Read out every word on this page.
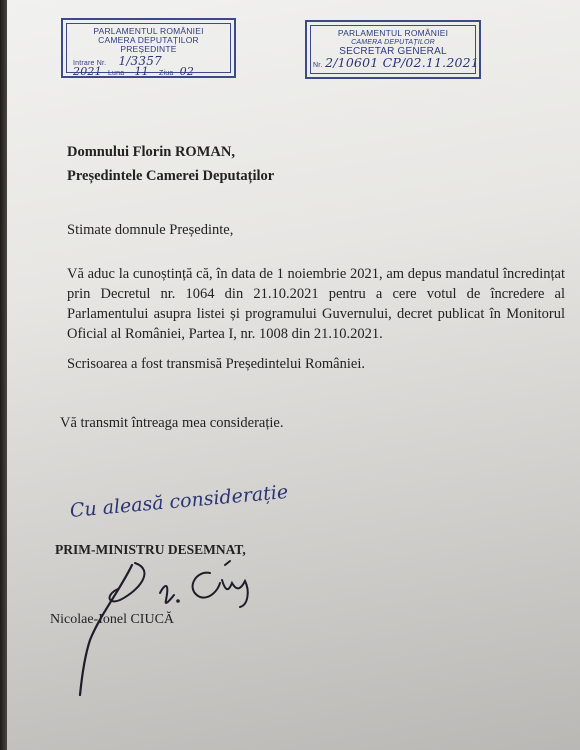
PARLAMENTUL ROMÂNIEI
CAMERA DEPUTAȚILOR
PREȘEDINTE
Intrare Nr. 1/3357
2021 Luna 11 Ziua 02
PARLAMENTUL ROMÂNIEI
CAMERA DEPUTAȚILOR
SECRETAR GENERAL
Nr. 2/10601 CP/02.11.2021
Domnului Florin ROMAN,
Președintele Camerei Deputaților
Stimate domnule Președinte,
Vă aduc la cunoștință că, în data de 1 noiembrie 2021, am depus mandatul încredințat prin Decretul nr. 1064 din 21.10.2021 pentru a cere votul de încredere al Parlamentului asupra listei și programului Guvernului, decret publicat în Monitorul Oficial al României, Partea I, nr. 1008 din 21.10.2021.
Scrisoarea a fost transmisă Președintelui României.
Vă transmit întreaga mea considerație.
Cu aleasă considerație
PRIM-MINISTRU DESEMNAT,
Nicolae-Ionel CIUCĂ
